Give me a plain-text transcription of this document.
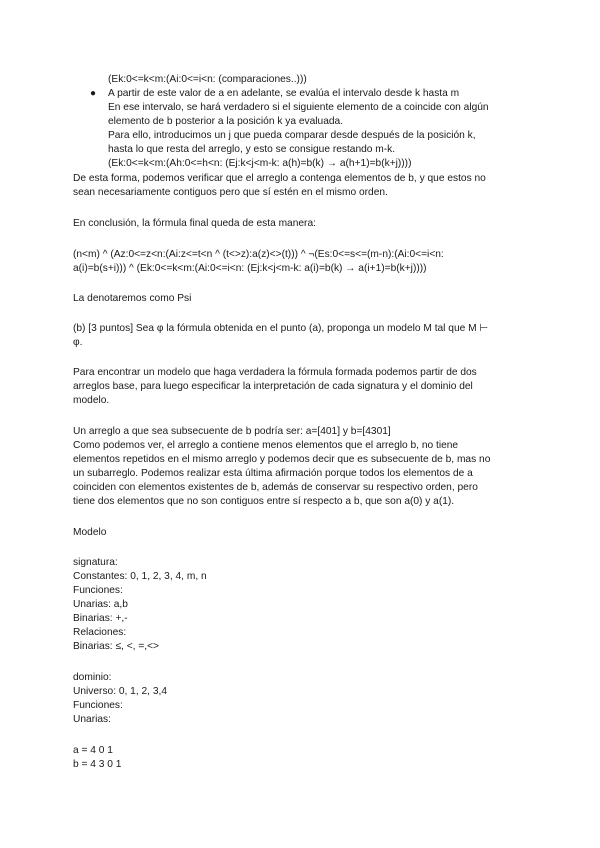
(Ek:0<=k<m:(Ai:0<=i<n: (comparaciones..)))
● A partir de este valor de a en adelante, se evalúa el intervalo desde k hasta m
En ese intervalo, se hará verdadero si el siguiente elemento de a coincide con algún
elemento de b posterior a la posición k ya evaluada.
Para ello, introducimos un j que pueda comparar desde después de la posición k,
hasta lo que resta del arreglo, y esto se consigue restando m-k.
(Ek:0<=k<m:(Ah:0<=h<n: (Ej:k<j<m-k: a(h)=b(k) → a(h+1)=b(k+j))))
De esta forma, podemos verificar que el arreglo a contenga elementos de b, y que estos no
sean necesariamente contiguos pero que sí estén en el mismo orden.
En conclusión, la fórmula final queda de esta manera:
(n<m) ^ (Az:0<=z<n:(Ai:z<=t<n ^ (t<>z):a(z)<>(t))) ^ ¬(Es:0<=s<=(m-n):(Ai:0<=i<n:
a(i)=b(s+i))) ^ (Ek:0<=k<m:(Ai:0<=i<n: (Ej:k<j<m-k: a(i)=b(k) → a(i+1)=b(k+j))))
La denotaremos como Psi
(b) [3 puntos] Sea φ la fórmula obtenida en el punto (a), proponga un modelo M tal que M ⊢
φ.
Para encontrar un modelo que haga verdadera la fórmula formada podemos partir de dos
arreglos base, para luego especificar la interpretación de cada signatura y el dominio del
modelo.
Un arreglo a que sea subsecuente de b podría ser: a=[401] y b=[4301]
Como podemos ver, el arreglo a contiene menos elementos que el arreglo b, no tiene
elementos repetidos en el mismo arreglo y podemos decir que es subsecuente de b, mas no
un subarreglo. Podemos realizar esta última afirmación porque todos los elementos de a
coinciden con elementos existentes de b, además de conservar su respectivo orden, pero
tiene dos elementos que no son contiguos entre sí respecto a b, que son a(0) y a(1).
Modelo
signatura:
Constantes: 0, 1, 2, 3, 4, m, n
Funciones:
Unarias: a,b
Binarias: +,-
Relaciones:
Binarias: ≤, <, =,<>
dominio:
Universo: 0, 1, 2, 3,4
Funciones:
Unarias:
a = 4 0 1
b = 4 3 0 1
